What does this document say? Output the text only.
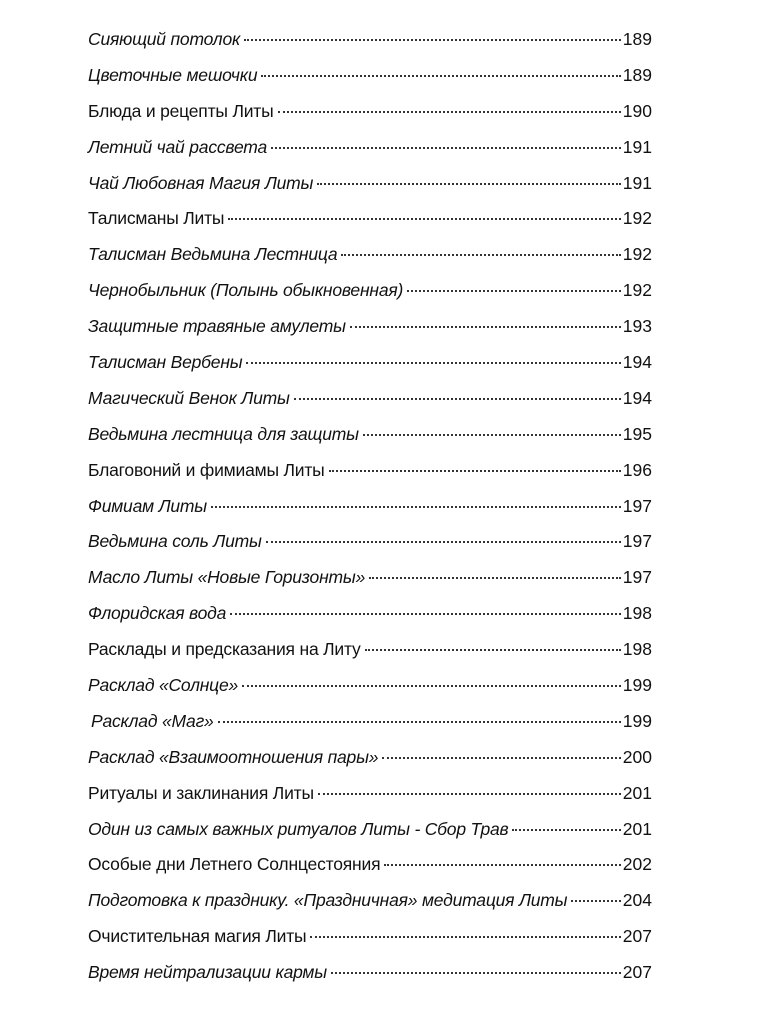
Сияющий потолок	189
Цветочные мешочки	189
Блюда и рецепты Литы	190
Летний чай рассвета	191
Чай Любовная Магия Литы	191
Талисманы Литы	192
Талисман Ведьмина Лестница	192
Чернобыльник (Полынь обыкновенная)	192
Защитные травяные амулеты	193
Талисман Вербены	194
Магический Венок Литы	194
Ведьмина лестница для защиты	195
Благовоний и фимиамы Литы	196
Фимиам Литы	197
Ведьмина соль Литы	197
Масло Литы «Новые Горизонты»	197
Флоридская вода	198
Расклады и предсказания на Литу	198
Расклад «Солнце»	199
Расклад «Маг»	199
Расклад «Взаимоотношения пары»	200
Ритуалы и заклинания Литы	201
Один из самых важных ритуалов Литы - Сбор Трав	201
Особые дни Летнего Солнцестояния	202
Подготовка к празднику. «Праздничная» медитация Литы	204
Очистительная магия Литы	207
Время нейтрализации кармы	207
